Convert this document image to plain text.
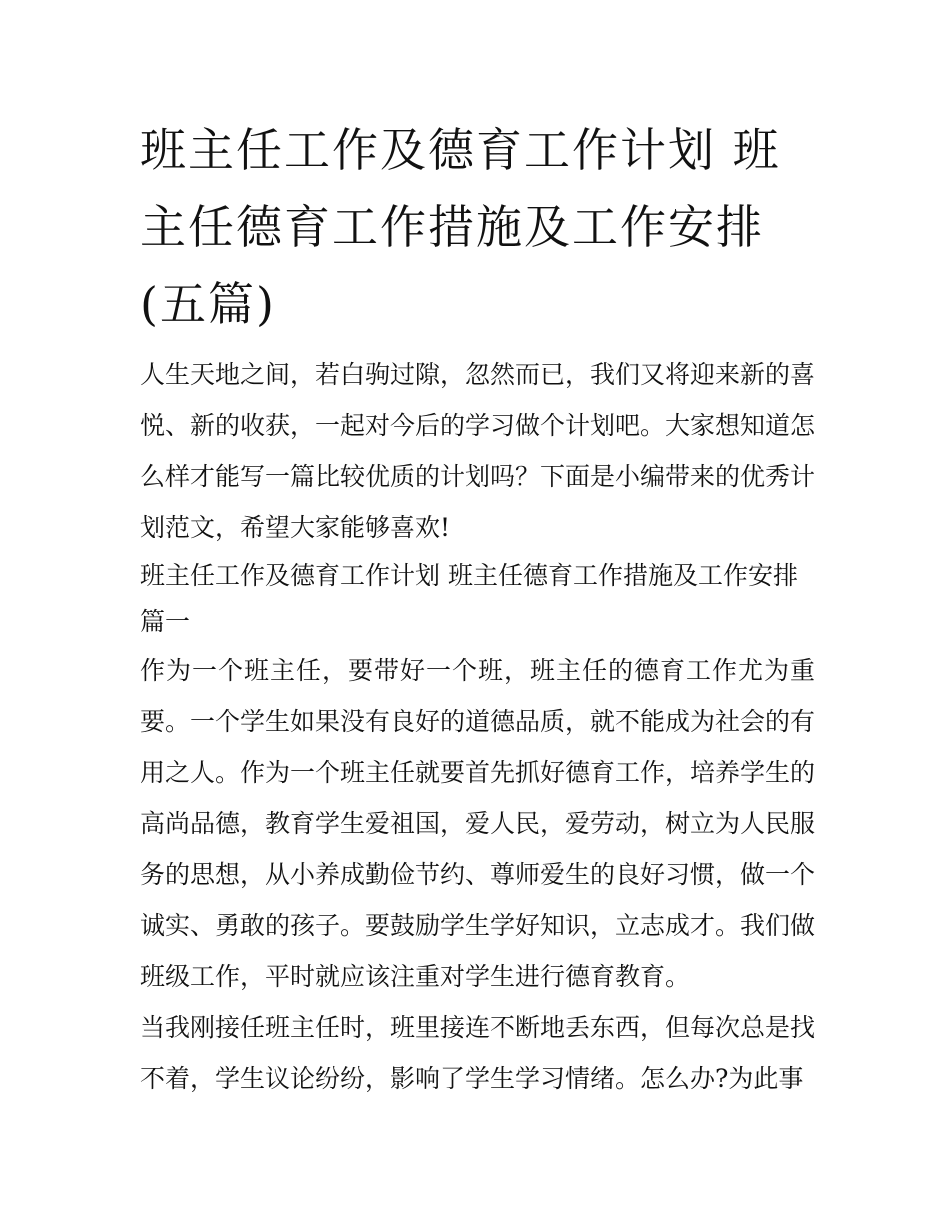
班主任工作及德育工作计划 班主任德育工作措施及工作安排(五篇)

人生天地之间，若白驹过隙，忽然而已，我们又将迎来新的喜悦、新的收获，一起对今后的学习做个计划吧。大家想知道怎么样才能写一篇比较优质的计划吗？下面是小编带来的优秀计划范文，希望大家能够喜欢!

班主任工作及德育工作计划 班主任德育工作措施及工作安排篇一

作为一个班主任，要带好一个班，班主任的德育工作尤为重要。一个学生如果没有良好的道德品质，就不能成为社会的有用之人。作为一个班主任就要首先抓好德育工作，培养学生的高尚品德，教育学生爱祖国，爱人民，爱劳动，树立为人民服务的思想，从小养成勤俭节约、尊师爱生的良好习惯，做一个诚实、勇敢的孩子。要鼓励学生学好知识，立志成才。我们做班级工作，平时就应该注重对学生进行德育教育。

当我刚接任班主任时，班里接连不断地丢东西，但每次总是找不着，学生议论纷纷，影响了学生学习情绪。怎么办?为此事
